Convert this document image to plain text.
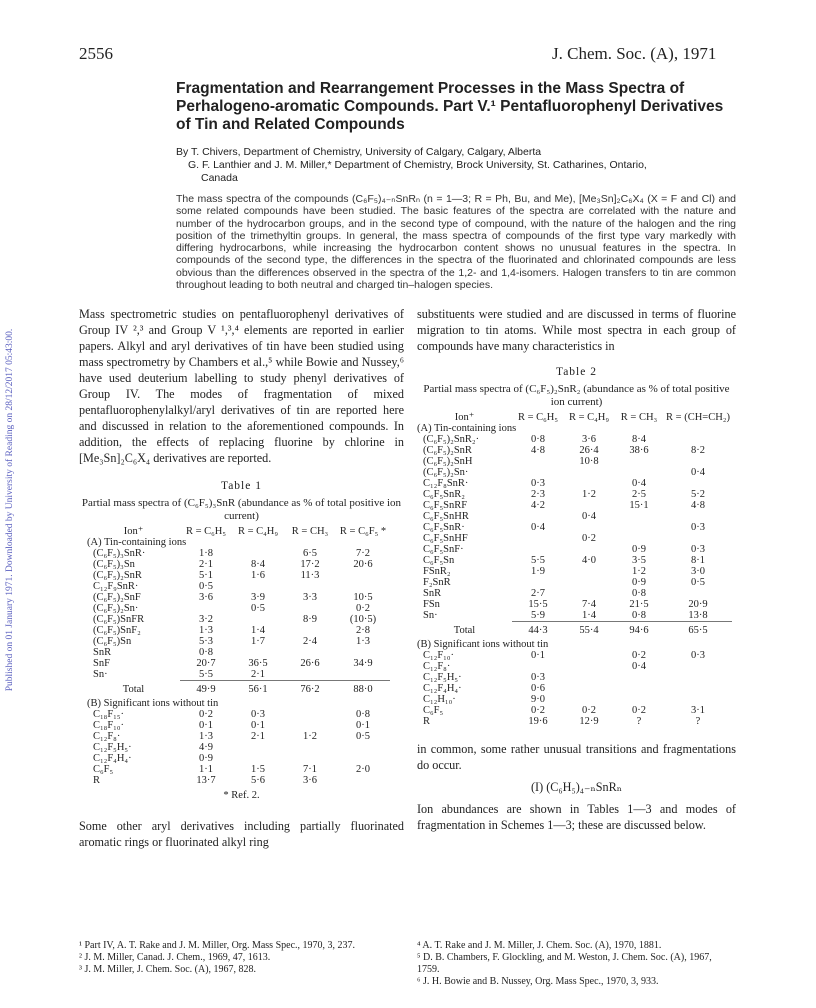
Published on 01 January 1971. Downloaded by University of Reading on 28/12/2017 05:43:00.
2556	J. Chem. Soc. (A), 1971
Fragmentation and Rearrangement Processes in the Mass Spectra of Perhalogeno-aromatic Compounds. Part V.¹ Pentafluorophenyl Derivatives of Tin and Related Compounds
By T. Chivers, Department of Chemistry, University of Calgary, Calgary, Alberta
G. F. Lanthier and J. M. Miller,* Department of Chemistry, Brock University, St. Catharines, Ontario,
Canada
The mass spectra of the compounds (C₆F₅)₄₋ₙSnRₙ (n = 1—3; R = Ph, Bu, and Me), [Me₃Sn]₂C₆X₄ (X = F and Cl) and some related compounds have been studied. The basic features of the spectra are correlated with the nature and number of the hydrocarbon groups, and in the second type of compound, with the nature of the halogen and the ring position of the trimethyltin groups. In general, the mass spectra of compounds of the first type vary markedly with differing hydrocarbons, while increasing the hydrocarbon content shows no unusual features in the spectra. In compounds of the second type, the differences in the spectra of the fluorinated and chlorinated compounds are less obvious than the differences observed in the spectra of the 1,2- and 1,4-isomers. Halogen transfers to tin are common throughout leading to both neutral and charged tin–halogen species.
Mass spectrometric studies on pentafluorophenyl derivatives of Group IV ²,³ and Group V ¹,³,⁴ elements are reported in earlier papers. Alkyl and aryl derivatives of tin have been studied using mass spectrometry by Chambers et al.,⁵ while Bowie and Nussey,⁶ have used deuterium labelling to study phenyl derivatives of Group IV. The modes of fragmentation of mixed pentafluorophenylalkyl/aryl derivatives of tin are reported here and discussed in relation to the aforementioned compounds. In addition, the effects of replacing fluorine by chlorine in [Me₃Sn]₂C₆X₄ derivatives are reported.
Table 1
Partial mass spectra of (C₆F₅)₃SnR (abundance as % of total positive ion current)
Ion⁺	R = C₆H₅	R = C₄H₉	R = CH₃	R = C₆F₅ *
(A) Tin-containing ions				
(C₆F₅)₃SnR·	1·8		6·5	7·2
(C₆F₅)₃Sn	2·1	8·4	17·2	20·6
(C₆F₅)₂SnR	5·1	1·6	11·3	
C₁₂F₉SnR·	0·5			
(C₆F₅)₂SnF	3·6	3·9	3·3	10·5
(C₆F₅)₂Sn·		0·5		0·2
(C₆F₅)SnFR	3·2		8·9	(10·5)
(C₆F₅)SnF₂	1·3	1·4		2·8
(C₆F₅)Sn	5·3	1·7	2·4	1·3
SnR	0·8			
SnF	20·7	36·5	26·6	34·9
Sn·	5·5	2·1		
Total	49·9	56·1	76·2	88·0
(B) Significant ions without tin				
C₁₈F₁₅·	0·2	0·3		0·8
C₁₈F₁₀·	0·1	0·1		0·1
C₁₂F₈·	1·3	2·1	1·2	0·5
C₁₂F₅H₅·	4·9			
C₁₂F₄H₄·	0·9			
C₆F₅	1·1	1·5	7·1	2·0
R	13·7	5·6	3·6	
* Ref. 2.
Some other aryl derivatives including partially fluorinated aromatic rings or fluorinated alkyl ring
substituents were studied and are discussed in terms of fluorine migration to tin atoms. While most spectra in each group of compounds have many characteristics in
Table 2
Partial mass spectra of (C₆F₅)₂SnR₂ (abundance as % of total positive ion current)
Ion⁺	R = C₆H₅	R = C₄H₉	R = CH₃	R = (CH=CH₂)
(A) Tin-containing ions				
(C₆F₅)₂SnR₂·	0·8	3·6	8·4	
(C₆F₅)₂SnR	4·8	26·4	38·6	8·2
(C₆F₅)₂SnH		10·8		
(C₆F₅)₂Sn·				0·4
C₁₂F₈SnR·	0·3		0·4	
C₆F₅SnR₂	2·3	1·2	2·5	5·2
C₆F₅SnRF	4·2		15·1	4·8
C₆F₅SnHR		0·4		
C₆F₅SnR·	0·4			0·3
C₆F₅SnHF		0·2		
C₆F₅SnF·			0·9	0·3
C₆F₅Sn	5·5	4·0	3·5	8·1
FSnR₂	1·9		1·2	3·0
F₂SnR			0·9	0·5
SnR	2·7		0·8	
FSn	15·5	7·4	21·5	20·9
Sn·	5·9	1·4	0·8	13·8
Total	44·3	55·4	94·6	65·5
(B) Significant ions without tin				
C₁₂F₁₀·	0·1		0·2	0·3
C₁₂F₈·			0·4	
C₁₂F₅H₅·	0·3			
C₁₂F₄H₄·	0·6			
C₁₂H₁₀·	9·0			
C₆F₅	0·2	0·2	0·2	3·1
R	19·6	12·9	?	?
in common, some rather unusual transitions and fragmentations do occur.
(I) (C₆H₅)₄₋ₙSnRₙ
Ion abundances are shown in Tables 1—3 and modes of fragmentation in Schemes 1—3; these are discussed below.
¹ Part IV, A. T. Rake and J. M. Miller, Org. Mass Spec., 1970, 3, 237.
² J. M. Miller, Canad. J. Chem., 1969, 47, 1613.
³ J. M. Miller, J. Chem. Soc. (A), 1967, 828.
⁴ A. T. Rake and J. M. Miller, J. Chem. Soc. (A), 1970, 1881.
⁵ D. B. Chambers, F. Glockling, and M. Weston, J. Chem. Soc. (A), 1967, 1759.
⁶ J. H. Bowie and B. Nussey, Org. Mass Spec., 1970, 3, 933.
